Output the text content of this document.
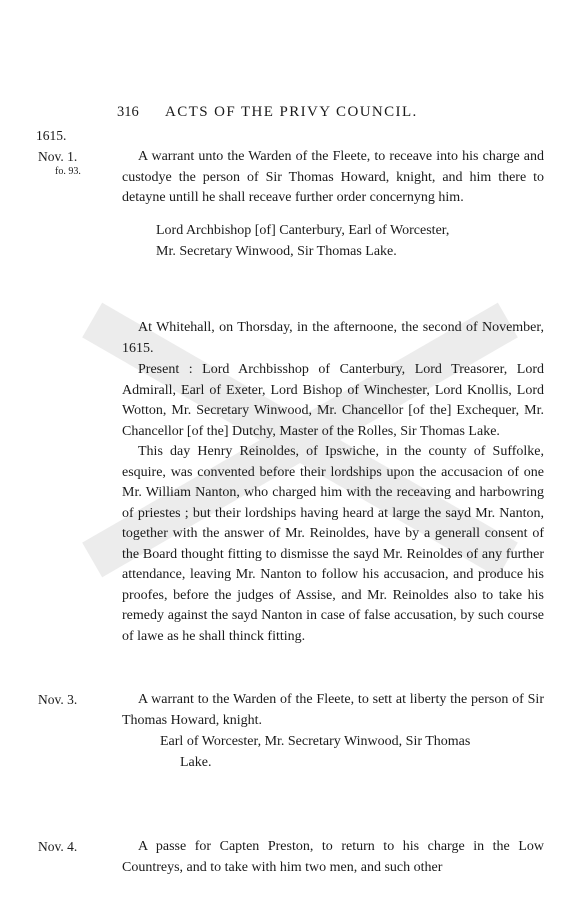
316 ACTS OF THE PRIVY COUNCIL.
1615.
Nov. 1.
fo. 93.
Nov. 3.
Nov. 4.

A warrant unto the Warden of the Fleete, to receave into his charge and custodye the person of Sir Thomas Howard, knight, and him there to detayne untill he shall receave further order concernyng him.

Lord Archbishop [of] Canterbury, Earl of Worcester,
Mr. Secretary Winwood, Sir Thomas Lake.

At Whitehall, on Thorsday, in the afternoone, the second of November, 1615.

Present : Lord Archbisshop of Canterbury, Lord Treasorer, Lord Admirall, Earl of Exeter, Lord Bishop of Winchester, Lord Knollis, Lord Wotton, Mr. Secretary Winwood, Mr. Chancellor [of the] Exchequer, Mr. Chancellor [of the] Dutchy, Master of the Rolles, Sir Thomas Lake.

This day Henry Reinoldes, of Ipswiche, in the county of Suffolke, esquire, was convented before their lordships upon the accusacion of one Mr. William Nanton, who charged him with the receaving and harbowring of priestes ; but their lordships having heard at large the sayd Mr. Nanton, together with the answer of Mr. Reinoldes, have by a generall consent of the Board thought fitting to dismisse the sayd Mr. Reinoldes of any further attendance, leaving Mr. Nanton to follow his accusacion, and produce his proofes, before the judges of Assise, and Mr. Reinoldes also to take his remedy against the sayd Nanton in case of false accusation, by such course of lawe as he shall thinck fitting.

A warrant to the Warden of the Fleete, to sett at liberty the person of Sir Thomas Howard, knight.

Earl of Worcester, Mr. Secretary Winwood, Sir Thomas
Lake.

A passe for Capten Preston, to return to his charge in the Low Countreys, and to take with him two men, and such other
